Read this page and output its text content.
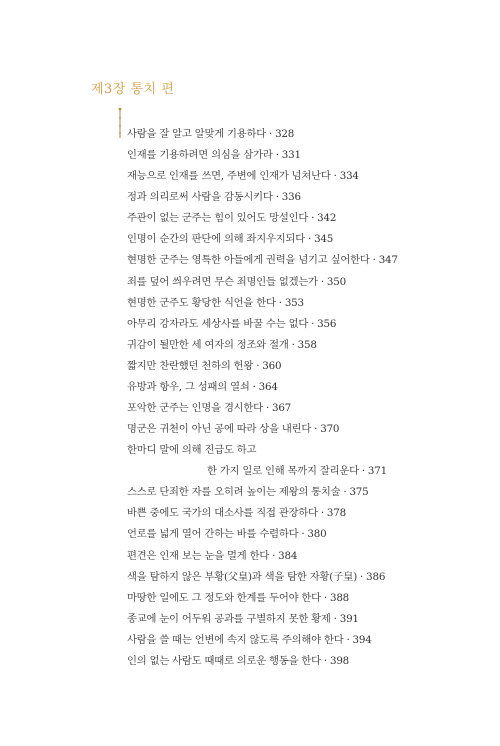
제3장 통치 편
사람을 잘 알고 알맞게 기용하다 · 328
인재를 기용하려면 의심을 삼가라 · 331
재능으로 인재를 쓰면, 주변에 인재가 넘쳐난다 · 334
정과 의리로써 사람을 감동시키다 · 336
주관이 없는 군주는 힘이 있어도 망설인다 · 342
인명이 순간의 판단에 의해 좌지우지되다 · 345
현명한 군주는 영특한 아들에게 권력을 넘기고 싶어한다 · 347
죄를 덮어 씌우려면 무슨 죄명인들 없겠는가 · 350
현명한 군주도 황당한 식언을 한다 · 353
아무리 강자라도 세상사를 바꿀 수는 없다 · 356
귀감이 될만한 세 여자의 정조와 절개 · 358
짧지만 찬란했던 천하의 헌왕 · 360
유방과 항우, 그 성패의 열쇠 · 364
포악한 군주는 인명을 경시한다 · 367
명군은 귀천이 아닌 공에 따라 상을 내린다 · 370
한마디 말에 의해 진급도 하고
한 가지 일로 인해 목까지 잘리운다 · 371
스스로 단죄한 자를 오히려 높이는 제왕의 통치술 · 375
바쁜 중에도 국가의 대소사를 직접 관장하다 · 378
언로를 넓게 열어 간하는 바를 수렴하다 · 380
편견은 인재 보는 눈을 멀게 한다 · 384
색을 탐하지 않은 부황(父皇)과 색을 탐한 자황(子皇) · 386
마땅한 일에도 그 정도와 한계를 두어야 한다 · 388
종교에 눈이 어두워 공과를 구별하지 못한 황제 · 391
사람을 쓸 때는 언변에 속지 않도록 주의해야 한다 · 394
인의 없는 사람도 때때로 의로운 행동을 한다 · 398
